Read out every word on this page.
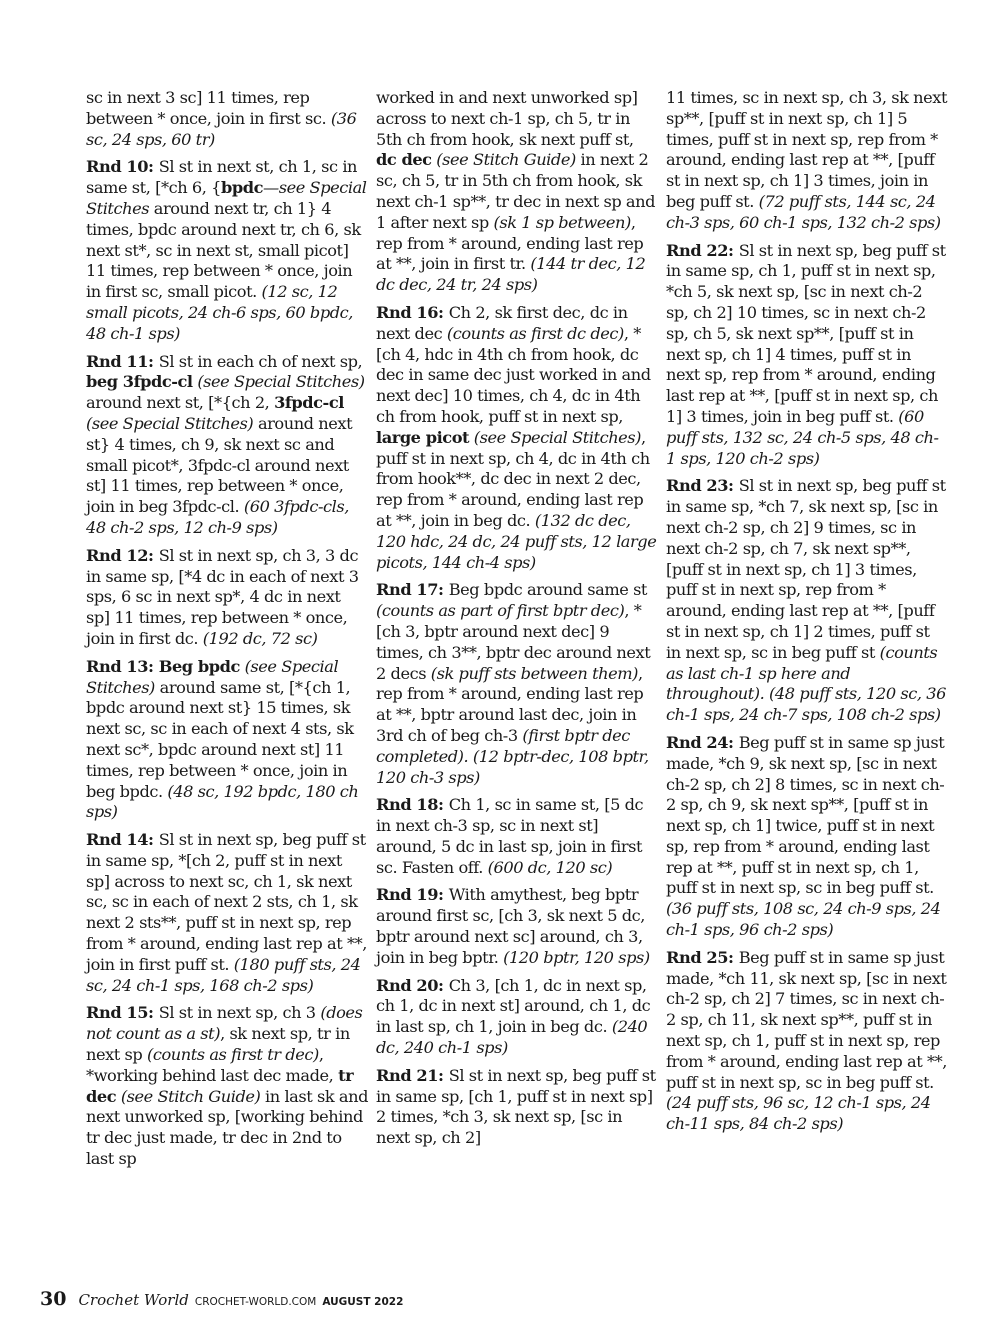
sc in next 3 sc] 11 times, rep between * once, join in first sc. (36 sc, 24 sps, 60 tr)

Rnd 10: Sl st in next st, ch 1, sc in same st, [*ch 6, {bpdc—see Special Stitches around next tr, ch 1} 4 times, bpdc around next tr, ch 6, sk next st*, sc in next st, small picot] 11 times, rep between * once, join in first sc, small picot. (12 sc, 12 small picots, 24 ch-6 sps, 60 bpdc, 48 ch-1 sps)

Rnd 11: Sl st in each ch of next sp, beg 3fpdc-cl (see Special Stitches) around next st, [*{ch 2, 3fpdc-cl (see Special Stitches) around next st} 4 times, ch 9, sk next sc and small picot*, 3fpdc-cl around next st] 11 times, rep between * once, join in beg 3fpdc-cl. (60 3fpdc-cls, 48 ch-2 sps, 12 ch-9 sps)

Rnd 12: Sl st in next sp, ch 3, 3 dc in same sp, [*4 dc in each of next 3 sps, 6 sc in next sp*, 4 dc in next sp] 11 times, rep between * once, join in first dc. (192 dc, 72 sc)

Rnd 13: Beg bpdc (see Special Stitches) around same st, [*{ch 1, bpdc around next st} 15 times, sk next sc, sc in each of next 4 sts, sk next sc*, bpdc around next st] 11 times, rep between * once, join in beg bpdc. (48 sc, 192 bpdc, 180 ch sps)

Rnd 14: Sl st in next sp, beg puff st in same sp, *[ch 2, puff st in next sp] across to next sc, ch 1, sk next sc, sc in each of next 2 sts, ch 1, sk next 2 sts**, puff st in next sp, rep from * around, ending last rep at **, join in first puff st. (180 puff sts, 24 sc, 24 ch-1 sps, 168 ch-2 sps)

Rnd 15: Sl st in next sp, ch 3 (does not count as a st), sk next sp, tr in next sp (counts as first tr dec), *working behind last dec made, tr dec (see Stitch Guide) in last sk and next unworked sp, [working behind tr dec just made, tr dec in 2nd to last sp

worked in and next unworked sp] across to next ch-1 sp, ch 5, tr in 5th ch from hook, sk next puff st, dc dec (see Stitch Guide) in next 2 sc, ch 5, tr in 5th ch from hook, sk next ch-1 sp**, tr dec in next sp and 1 after next sp (sk 1 sp between), rep from * around, ending last rep at **, join in first tr. (144 tr dec, 12 dc dec, 24 tr, 24 sps)

Rnd 16: Ch 2, sk first dec, dc in next dec (counts as first dc dec), *[ch 4, hdc in 4th ch from hook, dc dec in same dec just worked in and next dec] 10 times, ch 4, dc in 4th ch from hook, puff st in next sp, large picot (see Special Stitches), puff st in next sp, ch 4, dc in 4th ch from hook**, dc dec in next 2 dec, rep from * around, ending last rep at **, join in beg dc. (132 dc dec, 120 hdc, 24 dc, 24 puff sts, 12 large picots, 144 ch-4 sps)

Rnd 17: Beg bpdc around same st (counts as part of first bptr dec), *[ch 3, bptr around next dec] 9 times, ch 3**, bptr dec around next 2 decs (sk puff sts between them), rep from * around, ending last rep at **, bptr around last dec, join in 3rd ch of beg ch-3 (first bptr dec completed). (12 bptr-dec, 108 bptr, 120 ch-3 sps)

Rnd 18: Ch 1, sc in same st, [5 dc in next ch-3 sp, sc in next st] around, 5 dc in last sp, join in first sc. Fasten off. (600 dc, 120 sc)

Rnd 19: With amythest, beg bptr around first sc, [ch 3, sk next 5 dc, bptr around next sc] around, ch 3, join in beg bptr. (120 bptr, 120 sps)

Rnd 20: Ch 3, [ch 1, dc in next sp, ch 1, dc in next st] around, ch 1, dc in last sp, ch 1, join in beg dc. (240 dc, 240 ch-1 sps)

Rnd 21: Sl st in next sp, beg puff st in same sp, [ch 1, puff st in next sp] 2 times, *ch 3, sk next sp, [sc in next sp, ch 2]

11 times, sc in next sp, ch 3, sk next sp**, [puff st in next sp, ch 1] 5 times, puff st in next sp, rep from * around, ending last rep at **, [puff st in next sp, ch 1] 3 times, join in beg puff st. (72 puff sts, 144 sc, 24 ch-3 sps, 60 ch-1 sps, 132 ch-2 sps)

Rnd 22: Sl st in next sp, beg puff st in same sp, ch 1, puff st in next sp, *ch 5, sk next sp, [sc in next ch-2 sp, ch 2] 10 times, sc in next ch-2 sp, ch 5, sk next sp**, [puff st in next sp, ch 1] 4 times, puff st in next sp, rep from * around, ending last rep at **, [puff st in next sp, ch 1] 3 times, join in beg puff st. (60 puff sts, 132 sc, 24 ch-5 sps, 48 ch-1 sps, 120 ch-2 sps)

Rnd 23: Sl st in next sp, beg puff st in same sp, *ch 7, sk next sp, [sc in next ch-2 sp, ch 2] 9 times, sc in next ch-2 sp, ch 7, sk next sp**, [puff st in next sp, ch 1] 3 times, puff st in next sp, rep from * around, ending last rep at **, [puff st in next sp, ch 1] 2 times, puff st in next sp, sc in beg puff st (counts as last ch-1 sp here and throughout). (48 puff sts, 120 sc, 36 ch-1 sps, 24 ch-7 sps, 108 ch-2 sps)

Rnd 24: Beg puff st in same sp just made, *ch 9, sk next sp, [sc in next ch-2 sp, ch 2] 8 times, sc in next ch-2 sp, ch 9, sk next sp**, [puff st in next sp, ch 1] twice, puff st in next sp, rep from * around, ending last rep at **, puff st in next sp, ch 1, puff st in next sp, sc in beg puff st. (36 puff sts, 108 sc, 24 ch-9 sps, 24 ch-1 sps, 96 ch-2 sps)

Rnd 25: Beg puff st in same sp just made, *ch 11, sk next sp, [sc in next ch-2 sp, ch 2] 7 times, sc in next ch-2 sp, ch 11, sk next sp**, puff st in next sp, ch 1, puff st in next sp, rep from * around, ending last rep at **, puff st in next sp, sc in beg puff st. (24 puff sts, 96 sc, 12 ch-1 sps, 24 ch-11 sps, 84 ch-2 sps)

30 Crochet World CROCHET-WORLD.COM AUGUST 2022
